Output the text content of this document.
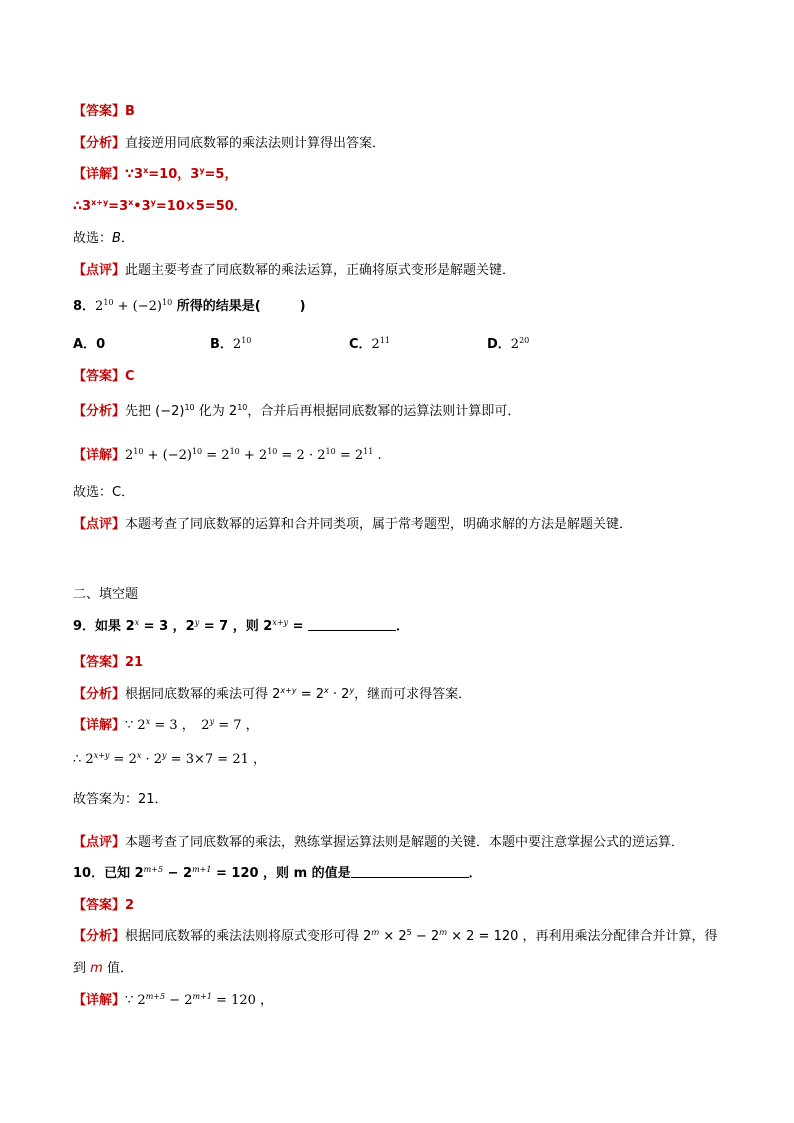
【答案】B
【分析】直接逆用同底数幂的乘法法则计算得出答案．
【详解】$\because 3^x=10$，$3^y=5$，
$\therefore 3^{x+y}=3^x•3^y=10\times 5=50$．
故选：B．
【点评】此题主要考查了同底数幂的乘法运算，正确将原式变形是解题关键．
8．$2^{10} + (-2)^{10}$ 所得的结果是(　　　)
A．0	B．$2^{10}$	C．$2^{11}$	D．$2^{20}$
【答案】C
【分析】先把 $(-2)^{10}$ 化为 $2^{10}$，合并后再根据同底数幂的运算法则计算即可．
【详解】$2^{10} + (-2)^{10} = 2^{10} + 2^{10} = 2 \cdot 2^{10} = 2^{11}$ .
故选：C．
【点评】本题考查了同底数幂的运算和合并同类项，属于常考题型，明确求解的方法是解题关键．
二、填空题
9．如果 $2^x = 3$ ，$2^y = 7$ ，则 $2^{x+y}$ =	．
【答案】21
【分析】根据同底数幂的乘法可得 $2^{x+y} = 2^x \cdot 2^y$，继而可求得答案．
【详解】∵ $2^x = 3$ ，　$2^y = 7$ ，
∴ $2^{x+y} = 2^x \cdot 2^y = 3\times 7 = 21$ ，
故答案为：21．
【点评】本题考查了同底数幂的乘法，熟练掌握运算法则是解题的关键．本题中要注意掌握公式的逆运算．
10．已知 $2^{m+5} - 2^{m+1} = 120$ ，则 m 的值是	．
【答案】2
【分析】根据同底数幂的乘法法则将原式变形可得 $2^m \times 2^5 - 2^m \times 2 = 120$ ，再利用乘法分配律合并计算，得
到 m 值．
【详解】∵ $2^{m+5} - 2^{m+1} = 120$ ，
